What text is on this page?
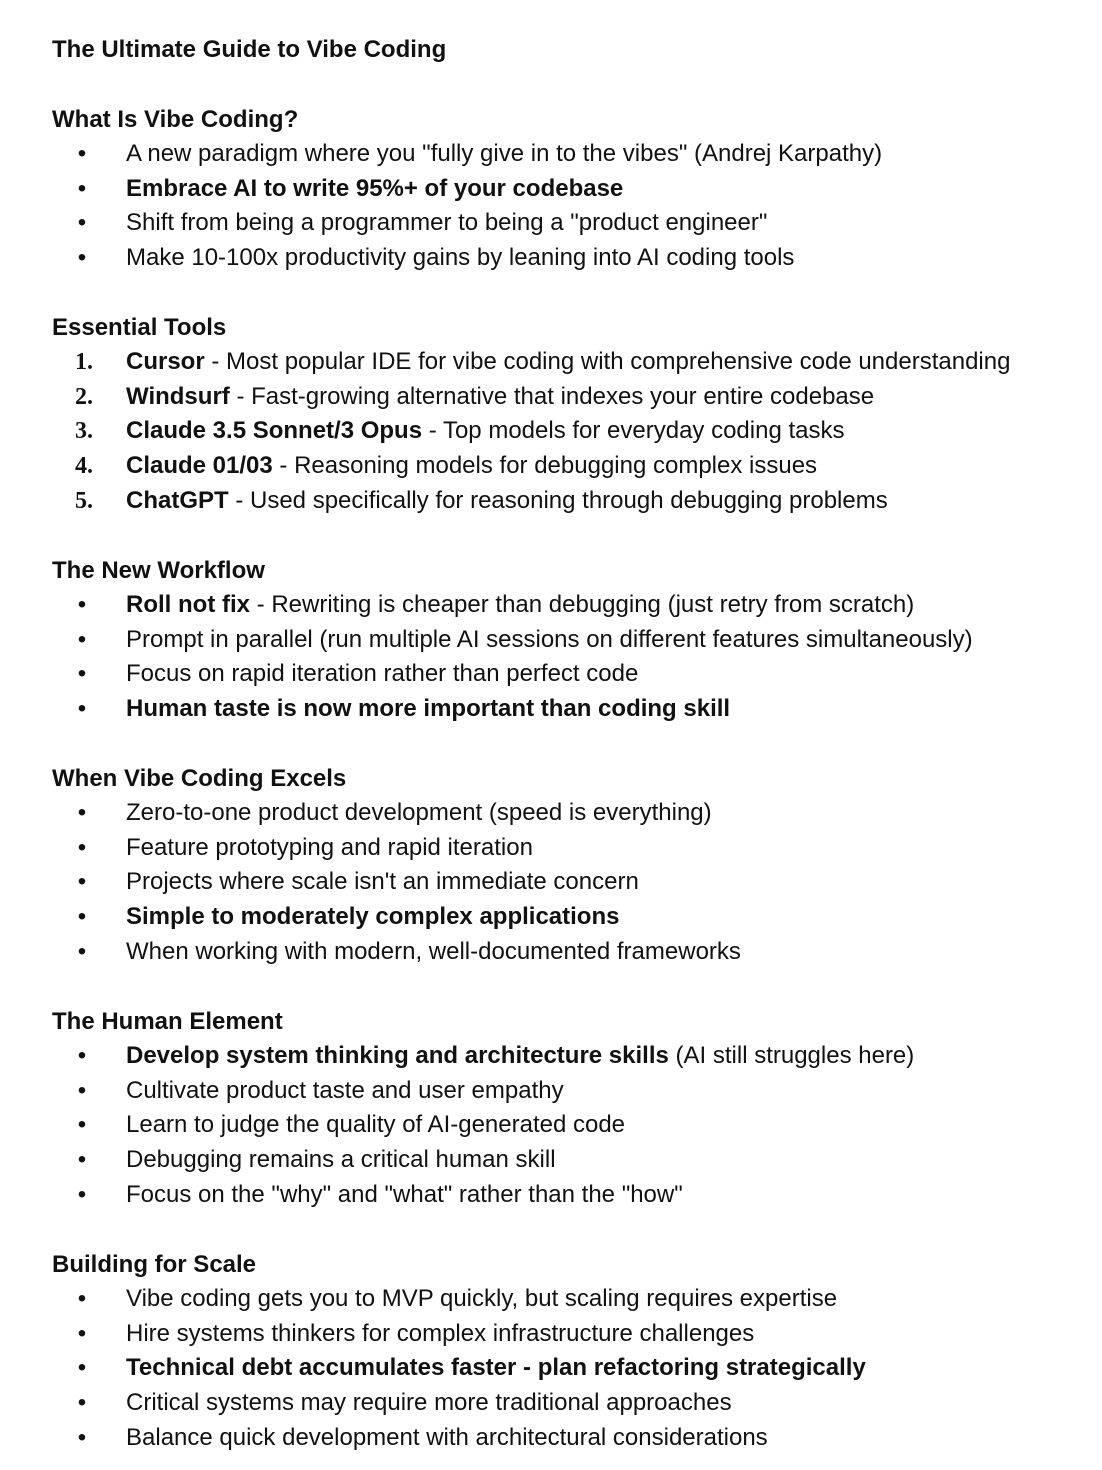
The Ultimate Guide to Vibe Coding
What Is Vibe Coding?
•	A new paradigm where you "fully give in to the vibes" (Andrej Karpathy)
•	Embrace AI to write 95%+ of your codebase
•	Shift from being a programmer to being a "product engineer"
•	Make 10-100x productivity gains by leaning into AI coding tools
Essential Tools
1. Cursor - Most popular IDE for vibe coding with comprehensive code understanding
2. Windsurf - Fast-growing alternative that indexes your entire codebase
3. Claude 3.5 Sonnet/3 Opus - Top models for everyday coding tasks
4. Claude 01/03 - Reasoning models for debugging complex issues
5. ChatGPT - Used specifically for reasoning through debugging problems
The New Workflow
•	Roll not fix - Rewriting is cheaper than debugging (just retry from scratch)
•	Prompt in parallel (run multiple AI sessions on different features simultaneously)
•	Focus on rapid iteration rather than perfect code
•	Human taste is now more important than coding skill
When Vibe Coding Excels
•	Zero-to-one product development (speed is everything)
•	Feature prototyping and rapid iteration
•	Projects where scale isn't an immediate concern
•	Simple to moderately complex applications
•	When working with modern, well-documented frameworks
The Human Element
•	Develop system thinking and architecture skills (AI still struggles here)
•	Cultivate product taste and user empathy
•	Learn to judge the quality of AI-generated code
•	Debugging remains a critical human skill
•	Focus on the "why" and "what" rather than the "how"
Building for Scale
•	Vibe coding gets you to MVP quickly, but scaling requires expertise
•	Hire systems thinkers for complex infrastructure challenges
•	Technical debt accumulates faster - plan refactoring strategically
•	Critical systems may require more traditional approaches
•	Balance quick development with architectural considerations
